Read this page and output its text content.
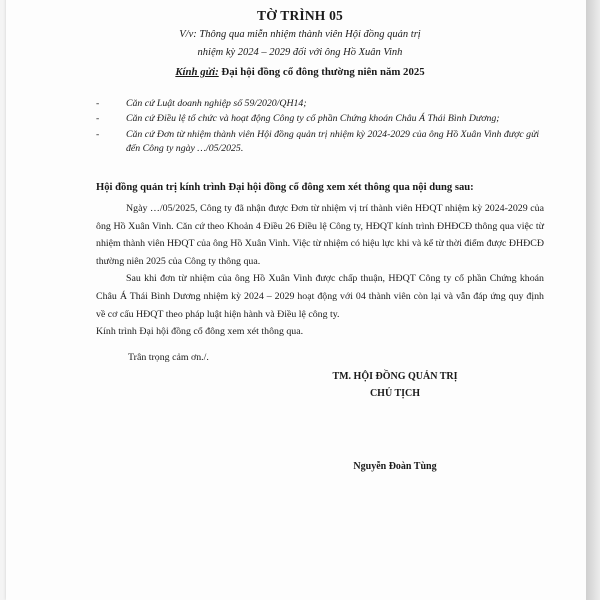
TỜ TRÌNH 05
V/v: Thông qua miễn nhiệm thành viên Hội đồng quản trị
nhiệm kỳ 2024 – 2029 đối với ông Hồ Xuân Vinh
Kính gửi: Đại hội đồng cổ đông thường niên năm 2025
-	Căn cứ Luật doanh nghiệp số 59/2020/QH14;
-	Căn cứ Điều lệ tổ chức và hoạt động Công ty cổ phần Chứng khoán Châu Á Thái Bình Dương;
-	Căn cứ Đơn từ nhiệm thành viên Hội đồng quản trị nhiệm kỳ 2024-2029 của ông Hồ Xuân Vinh được gửi đến Công ty ngày …/05/2025.
Hội đồng quản trị kính trình Đại hội đồng cổ đông xem xét thông qua nội dung sau:

Ngày …/05/2025, Công ty đã nhận được Đơn từ nhiệm vị trí thành viên HĐQT nhiệm kỳ 2024-2029 của ông Hồ Xuân Vinh. Căn cứ theo Khoản 4 Điều 26 Điều lệ Công ty, HĐQT kính trình ĐHĐCĐ thông qua việc từ nhiệm thành viên HĐQT của ông Hồ Xuân Vinh. Việc từ nhiệm có hiệu lực khi và kể từ thời điểm được ĐHĐCĐ thường niên 2025 của Công ty thông qua.

Sau khi đơn từ nhiệm của ông Hồ Xuân Vinh được chấp thuận, HĐQT Công ty cổ phần Chứng khoán Châu Á Thái Bình Dương nhiệm kỳ 2024 – 2029 hoạt động với 04 thành viên còn lại và vẫn đáp ứng quy định về cơ cấu HĐQT theo pháp luật hiện hành và Điều lệ công ty.

Kính trình Đại hội đồng cổ đông xem xét thông qua.

Trân trọng cảm ơn./.
TM. HỘI ĐỒNG QUẢN TRỊ
CHỦ TỊCH
Nguyễn Đoàn Tùng
